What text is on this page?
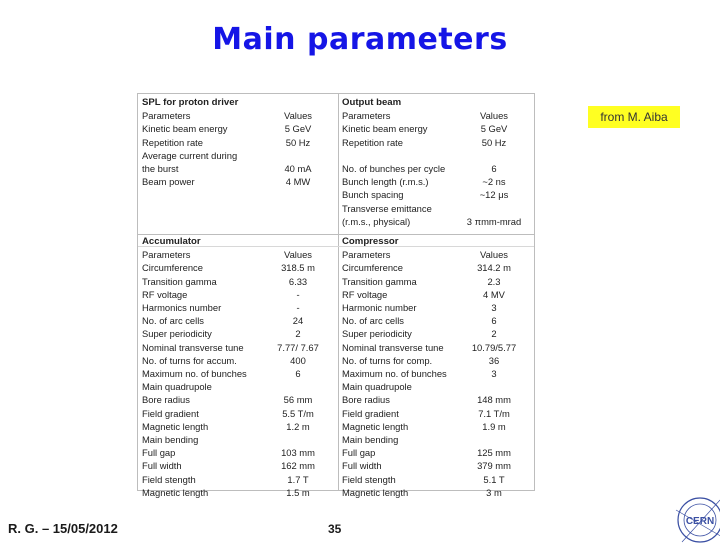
Main parameters
from M. Aiba
SPL for proton driver
Parameters	Values
Kinetic beam energy	5 GeV
Repetition rate	50 Hz
Average current during
the burst	40 mA
Beam power	4 MW
Output beam
Parameters	Values
Kinetic beam energy	5 GeV
Repetition rate	50 Hz
No. of bunches per cycle	6
Bunch length (r.m.s.)	~2 ns
Bunch spacing	~12 μs
Transverse emittance
(r.m.s., physical)	3 πmm-mrad
Accumulator
Parameters	Values
Circumference	318.5 m
Transition gamma	6.33
RF voltage	-
Harmonics number	-
No. of arc cells	24
Super periodicity	2
Nominal transverse tune	7.77/ 7.67
No. of turns for accum.	400
Maximum no. of bunches	6
Main quadrupole
Bore radius	56 mm
Field gradient	5.5 T/m
Magnetic length	1.2 m
Main bending
Full gap	103 mm
Full width	162 mm
Field stength	1.7 T
Magnetic length	1.5 m
Compressor
Parameters	Values
Circumference	314.2 m
Transition gamma	2.3
RF voltage	4 MV
Harmonic number	3
No. of arc cells	6
Super periodicity	2
Nominal transverse tune	10.79/5.77
No. of turns for comp.	36
Maximum no. of bunches	3
Main quadrupole
Bore radius	148 mm
Field gradient	7.1 T/m
Magnetic length	1.9 m
Main bending
Full gap	125 mm
Full width	379 mm
Field stength	5.1 T
Magnetic length	3 m
R. G. – 15/05/2012	35
CERN
